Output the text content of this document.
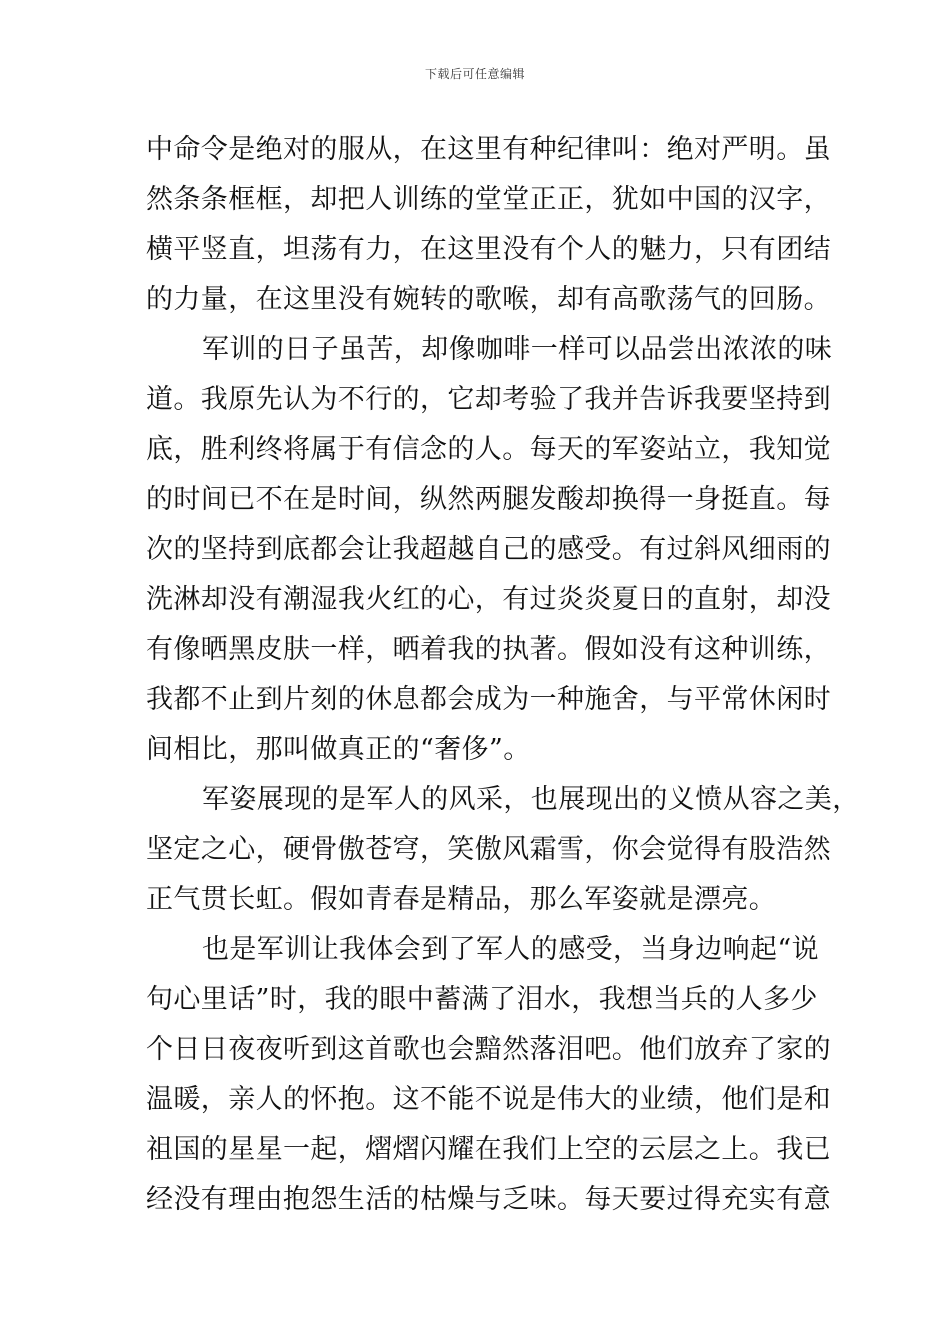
下载后可任意编辑
中命令是绝对的服从，在这里有种纪律叫：绝对严明。虽
然条条框框，却把人训练的堂堂正正，犹如中国的汉字，
横平竖直，坦荡有力，在这里没有个人的魅力，只有团结
的力量，在这里没有婉转的歌喉，却有高歌荡气的回肠。
军训的日子虽苦，却像咖啡一样可以品尝出浓浓的味
道。我原先认为不行的，它却考验了我并告诉我要坚持到
底，胜利终将属于有信念的人。每天的军姿站立，我知觉
的时间已不在是时间，纵然两腿发酸却换得一身挺直。每
次的坚持到底都会让我超越自己的感受。有过斜风细雨的
洗淋却没有潮湿我火红的心，有过炎炎夏日的直射，却没
有像晒黑皮肤一样，晒着我的执著。假如没有这种训练，
我都不止到片刻的休息都会成为一种施舍，与平常休闲时
间相比，那叫做真正的“奢侈”。
军姿展现的是军人的风采，也展现出的义愤从容之美，
坚定之心，硬骨傲苍穹，笑傲风霜雪，你会觉得有股浩然
正气贯长虹。假如青春是精品，那么军姿就是漂亮。
也是军训让我体会到了军人的感受，当身边响起“说
句心里话”时，我的眼中蓄满了泪水，我想当兵的人多少
个日日夜夜听到这首歌也会黯然落泪吧。他们放弃了家的
温暖，亲人的怀抱。这不能不说是伟大的业绩，他们是和
祖国的星星一起，熠熠闪耀在我们上空的云层之上。我已
经没有理由抱怨生活的枯燥与乏味。每天要过得充实有意
